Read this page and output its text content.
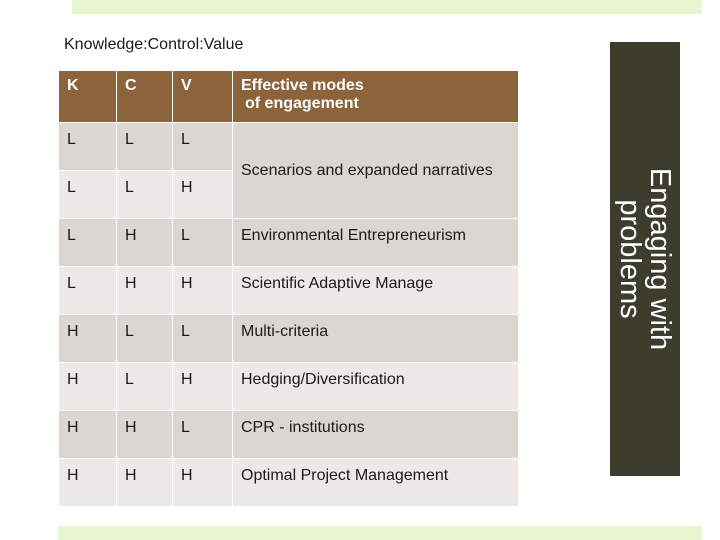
Knowledge:Control:Value
K	C	V	Effective modes

of engagement

L	L	L	Scenarios and expanded narratives
L	L	H	
L	H	L	Environmental Entrepreneurism
L	H	H	Scientific Adaptive Manage
H	L	L	Multi-criteria
H	L	H	Hedging/Diversification
H	H	L	CPR - institutions
H	H	H	Optimal Project Management
Engaging with problems
